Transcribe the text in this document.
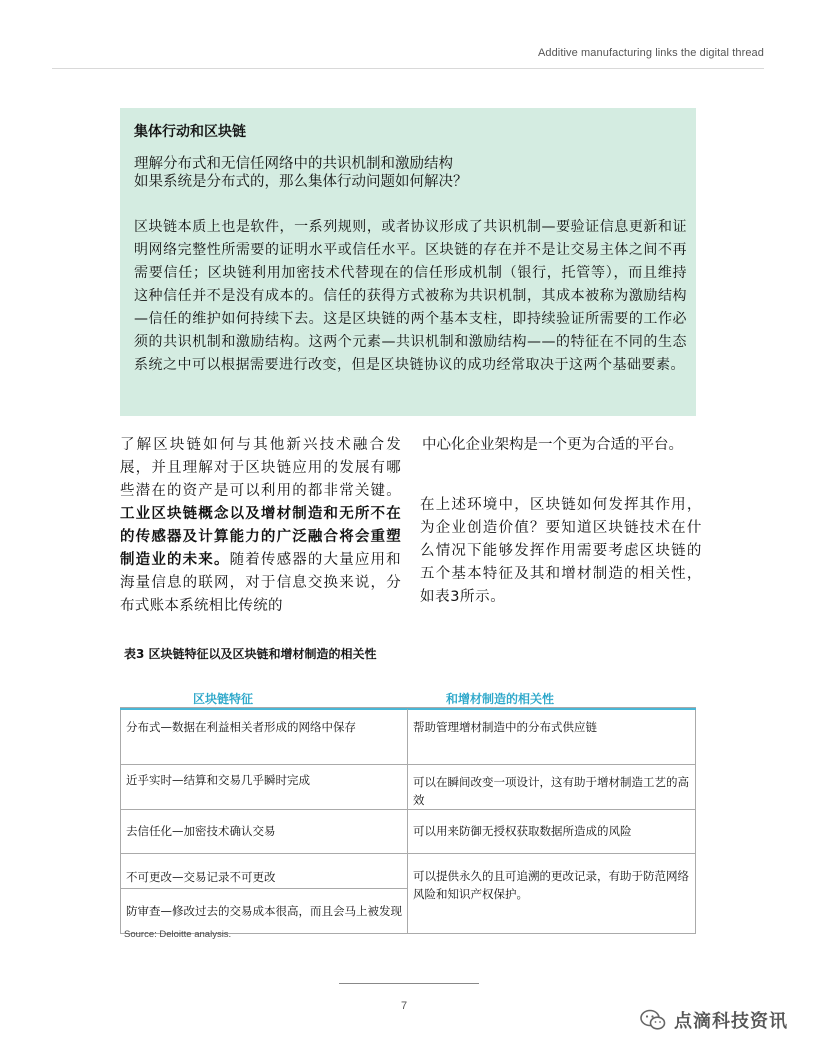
Additive manufacturing links the digital thread
集体行动和区块链
理解分布式和无信任网络中的共识机制和激励结构
如果系统是分布式的，那么集体行动问题如何解决？
区块链本质上也是软件，一系列规则，或者协议形成了共识机制—要验证信息更新和证明网络完整性所需要的证明水平或信任水平。区块链的存在并不是让交易主体之间不再需要信任；区块链利用加密技术代替现在的信任形成机制（银行，托管等），而且维持这种信任并不是没有成本的。信任的获得方式被称为共识机制，其成本被称为激励结构—信任的维护如何持续下去。这是区块链的两个基本支柱，即持续验证所需要的工作必须的共识机制和激励结构。这两个元素—共识机制和激励结构——的特征在不同的生态系统之中可以根据需要进行改变，但是区块链协议的成功经常取决于这两个基础要素。
了解区块链如何与其他新兴技术融合发展，并且理解对于区块链应用的发展有哪些潜在的资产是可以利用的都非常关键。工业区块链概念以及增材制造和无所不在的传感器及计算能力的广泛融合将会重塑制造业的未来。随着传感器的大量应用和海量信息的联网，对于信息交换来说，分布式账本系统相比传统的
中心化企业架构是一个更为合适的平台。
在上述环境中，区块链如何发挥其作用，为企业创造价值？要知道区块链技术在什么情况下能够发挥作用需要考虑区块链的五个基本特征及其和增材制造的相关性，如表3所示。
表3 区块链特征以及区块链和增材制造的相关性
区块链特征	和增材制造的相关性
分布式—数据在利益相关者形成的网络中保存
近乎实时—结算和交易几乎瞬时完成
去信任化—加密技术确认交易
不可更改—交易记录不可更改
防审查—修改过去的交易成本很高，而且会马上被发现
帮助管理增材制造中的分布式供应链
可以在瞬间改变一项设计，这有助于增材制造工艺的高效
可以用来防御无授权获取数据所造成的风险
可以提供永久的且可追溯的更改记录，有助于防范网络风险和知识产权保护。
Source: Deloitte analysis.
7
点滴科技资讯
